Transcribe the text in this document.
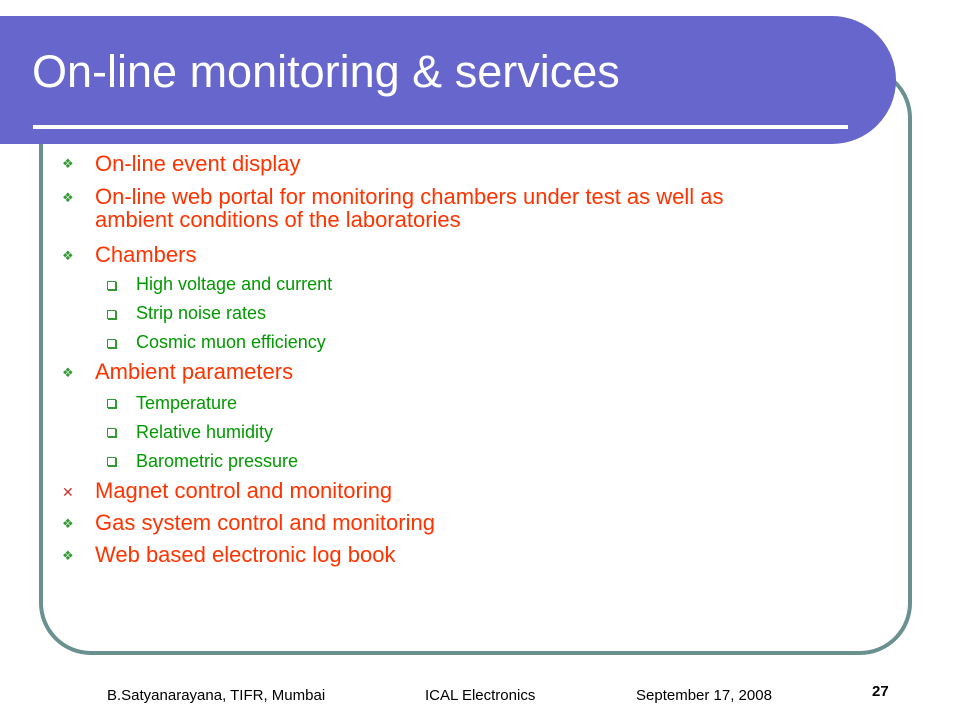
On-line monitoring & services
❖ On-line event display
❖ On-line web portal for monitoring chambers under test as well as
ambient conditions of the laboratories
❖ Chambers
High voltage and current
Strip noise rates
Cosmic muon efficiency
❖ Ambient parameters
Temperature
Relative humidity
Barometric pressure
✕ Magnet control and monitoring
❖ Gas system control and monitoring
❖ Web based electronic log book
B.Satyanarayana, TIFR, Mumbai	ICAL Electronics	September 17, 2008	27
